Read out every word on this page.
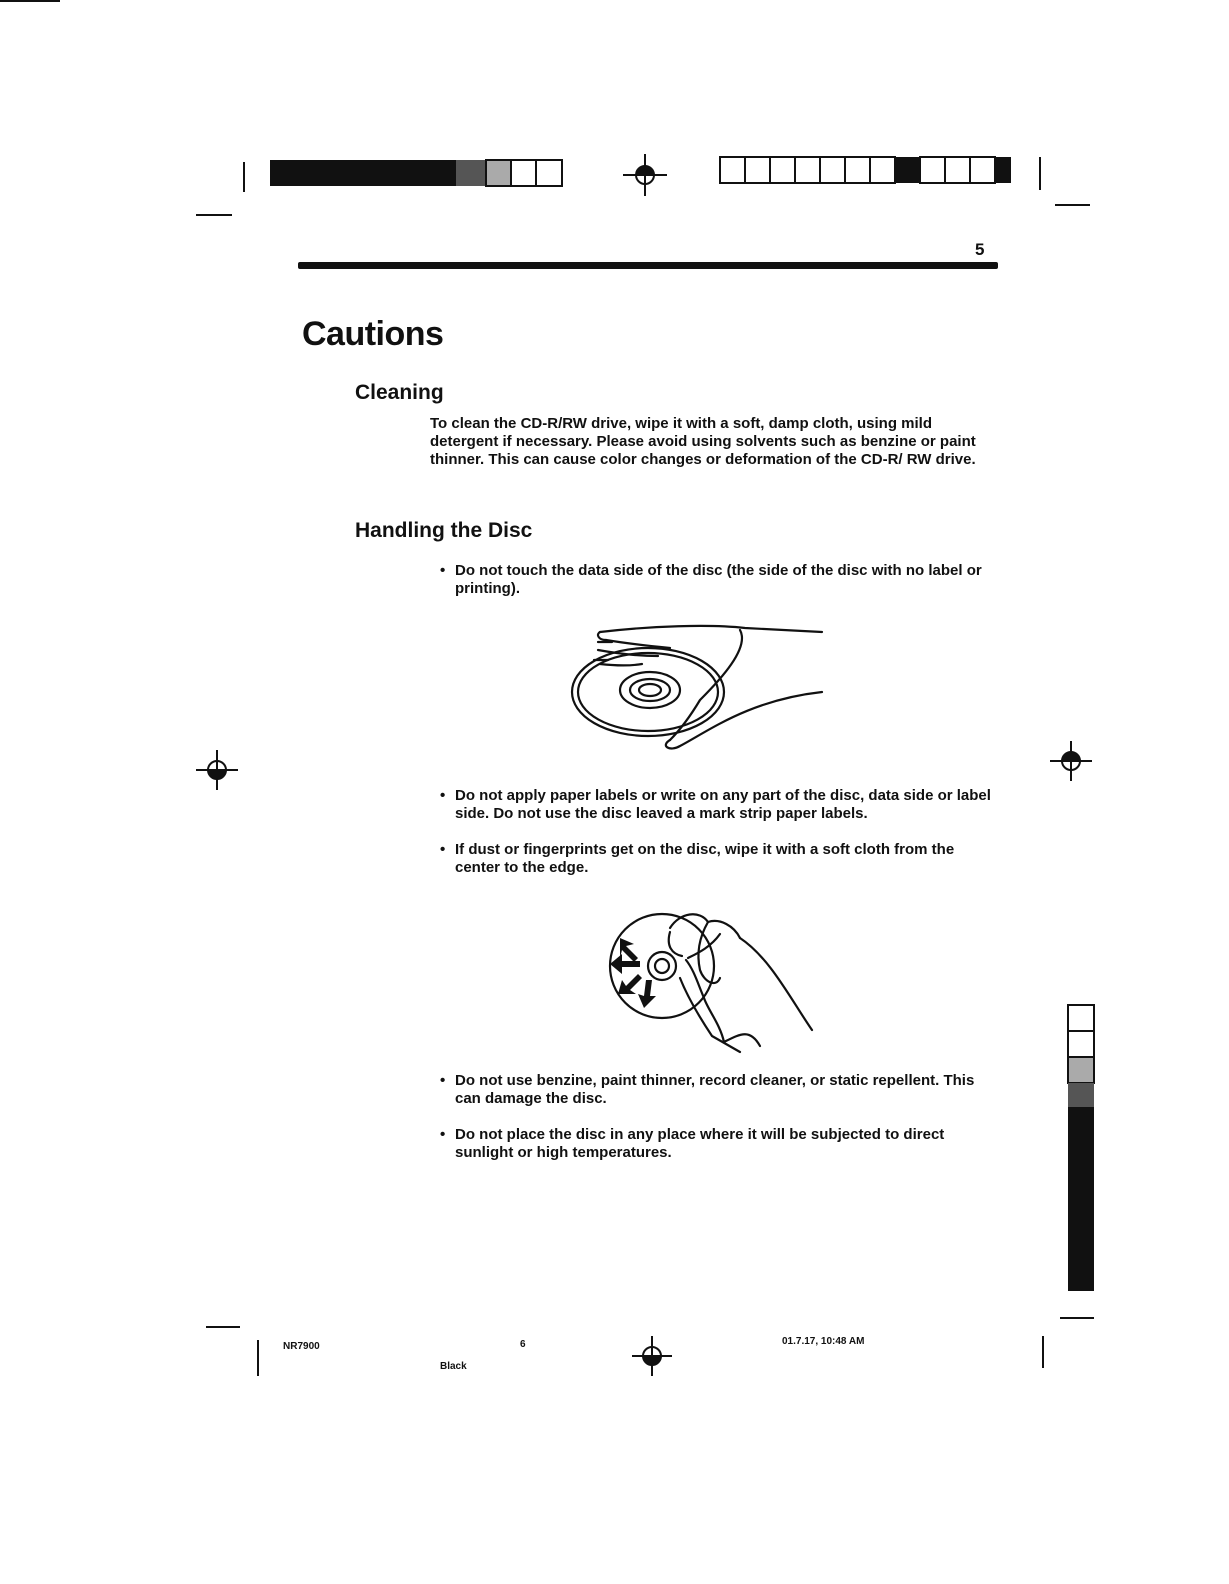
5
Cautions
Cleaning

To clean the CD-R/RW drive, wipe it with a soft, damp cloth, using mild detergent if necessary. Please avoid using solvents such as benzine or paint thinner. This can cause color changes or deformation of the CD-R/ RW drive.

Handling the Disc
• Do not touch the data side of the disc (the side of the disc with no label or printing).
• Do not apply paper labels or write on any part of the disc, data side or label side. Do not use the disc leaved a mark strip paper labels.
• If dust or fingerprints get on the disc, wipe it with a soft cloth from the center to the edge.
• Do not use benzine, paint thinner, record cleaner, or static repellent. This can damage the disc.
• Do not place the disc in any place where it will be subjected to direct sunlight or high temperatures.
NR7900	6
Black
01.7.17, 10:48 AM
